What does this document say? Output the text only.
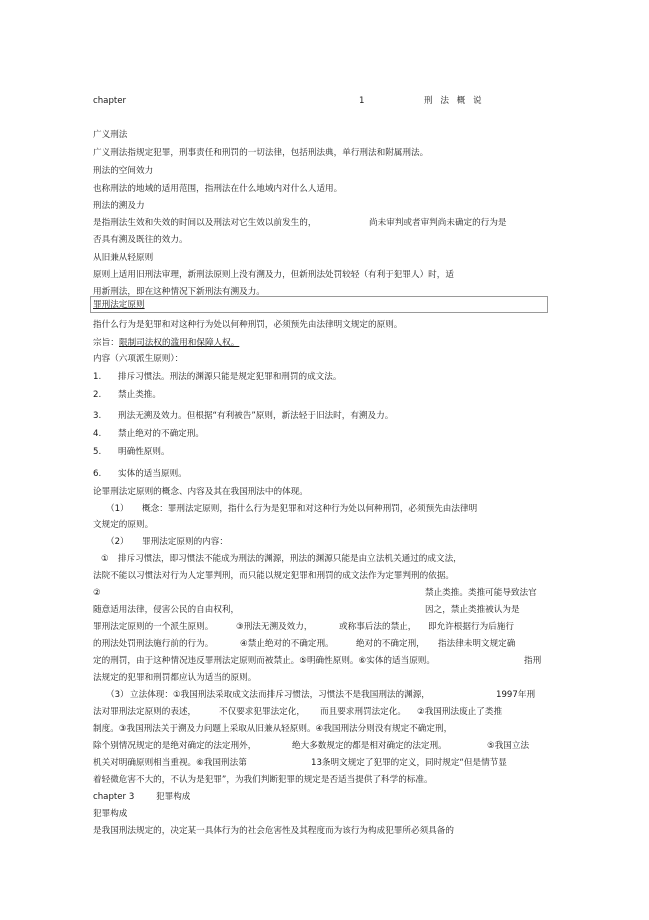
chapter	1	刑 法 概 说
广义刑法
广义刑法指规定犯罪，刑事责任和刑罚的一切法律，包括刑法典，单行刑法和附属刑法。
刑法的空间效力
也称刑法的地域的适用范围，指刑法在什么地域内对什么人适用。
刑法的溯及力
是指刑法生效和失效的时间以及刑法对它生效以前发生的，	尚未审判或者审判尚未确定的行为是
否具有溯及既往的效力。
从旧兼从轻原则
原则上适用旧刑法审理，新刑法原则上没有溯及力，但新刑法处罚较轻（有利于犯罪人）时，适
用新刑法，即在这种情况下新刑法有溯及力。
罪刑法定原则
指什么行为是犯罪和对这种行为处以何种刑罚，必须预先由法律明文规定的原则。
宗旨： 限制司法权的滥用和保障人权。
内容（六项派生原则）：
1. 排斥习惯法。刑法的渊源只能是规定犯罪和刑罚的成文法。
2. 禁止类推。
3. 刑法无溯及效力。但根据“有利被告”原则，新法轻于旧法时，有溯及力。
4. 禁止绝对的不确定刑。
5. 明确性原则。
6. 实体的适当原则。
论罪刑法定原则的概念、内容及其在我国刑法中的体现。
（1） 概念：罪刑法定原则，指什么行为是犯罪和对这种行为处以何种刑罚，必须预先由法律明
文规定的原则。
（2） 罪刑法定原则的内容：
① 排斥习惯法，即习惯法不能成为刑法的渊源，刑法的渊源只能是由立法机关通过的成文法，
法院不能以习惯法对行为人定罪判刑，而只能以规定犯罪和刑罚的成文法作为定罪判刑的依据。
②	禁止类推。类推可能导致法官
随意适用法律，侵害公民的自由权利，	因之，禁止类推被认为是
罪刑法定原则的一个派生原则。	③刑法无溯及效力，	或称事后法的禁止， 即允许根据行为后施行
的刑法处罚刑法施行前的行为。	④禁止绝对的不确定刑。	绝对的不确定刑， 指法律未明文规定确
定的刑罚，由于这种情况违反罪刑法定原则而被禁止。⑤明确性原则。⑥实体的适当原则。	指刑
法规定的犯罪和刑罚都应认为适当的原则。
（3） 立法体现：①我国刑法采取成文法而排斥习惯法，习惯法不是我国刑法的渊源，	1997年刑
法对罪刑法定原则的表述，	不仅要求犯罪法定化， 而且要求刑罚法定化。 ②我国刑法废止了类推
制度。③我国刑法关于溯及力问题上采取从旧兼从轻原则。④我国刑法分则没有规定不确定刑，
除个别情况规定的是绝对确定的法定刑外，	绝大多数规定的都是相对确定的法定刑。	⑤我国立法
机关对明确原则相当重视。⑥我国刑法第	13条明文规定了犯罪的定义，同时规定“但是情节显
着轻微危害不大的，不认为是犯罪”，为我们判断犯罪的规定是否适当提供了科学的标准。
chapter 3	犯罪构成
犯罪构成
是我国刑法规定的，决定某一具体行为的社会危害性及其程度而为该行为构成犯罪所必须具备的
